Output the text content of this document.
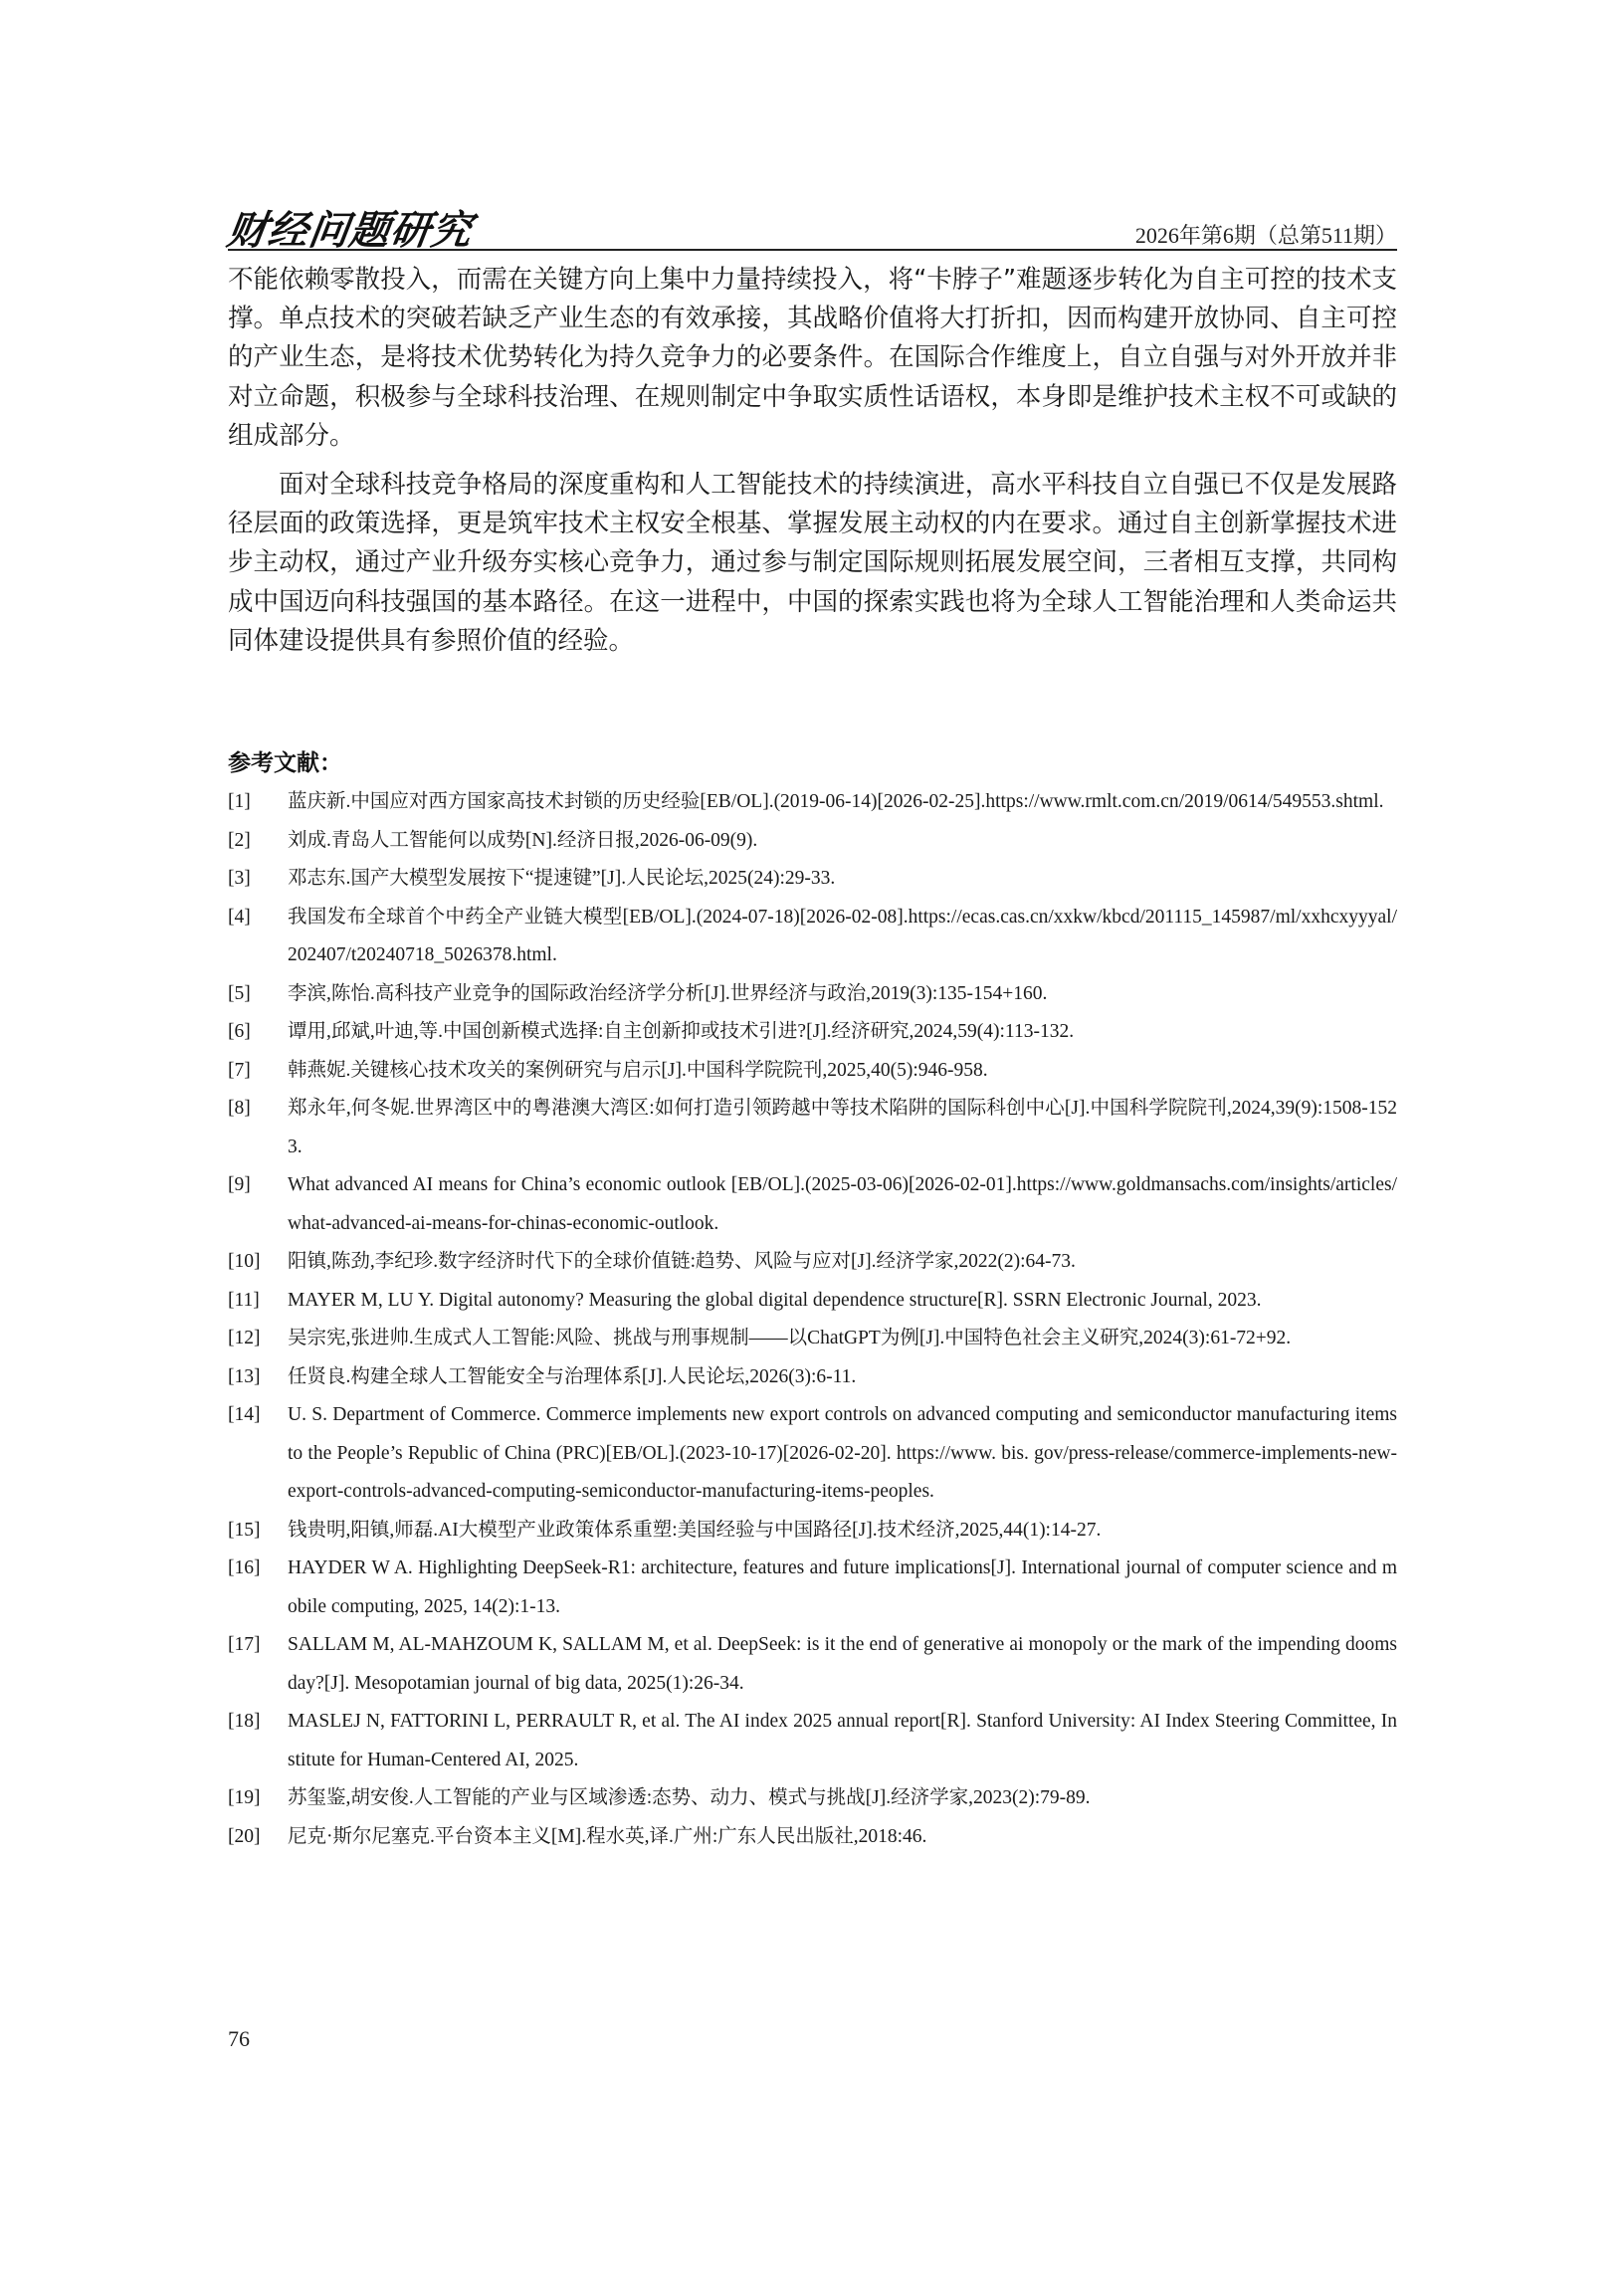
财经问题研究	2026年第6期（总第511期）

不能依赖零散投入，而需在关键方向上集中力量持续投入，将“卡脖子”难题逐步转化为自主可控的技术支撑。单点技术的突破若缺乏产业生态的有效承接，其战略价值将大打折扣，因而构建开放协同、自主可控的产业生态，是将技术优势转化为持久竞争力的必要条件。在国际合作维度上，自立自强与对外开放并非对立命题，积极参与全球科技治理、在规则制定中争取实质性话语权，本身即是维护技术主权不可或缺的组成部分。

面对全球科技竞争格局的深度重构和人工智能技术的持续演进，高水平科技自立自强已不仅是发展路径层面的政策选择，更是筑牢技术主权安全根基、掌握发展主动权的内在要求。通过自主创新掌握技术进步主动权，通过产业升级夯实核心竞争力，通过参与制定国际规则拓展发展空间，三者相互支撑，共同构成中国迈向科技强国的基本路径。在这一进程中，中国的探索实践也将为全球人工智能治理和人类命运共同体建设提供具有参照价值的经验。

参考文献：
[1]	蓝庆新.中国应对西方国家高技术封锁的历史经验[EB/OL].(2019-06-14)[2026-02-25].https://www.rmlt.com.cn/2019/0614/549553.shtml.
[2]	刘成.青岛人工智能何以成势[N].经济日报,2026-06-09(9).
[3]	邓志东.国产大模型发展按下“提速键”[J].人民论坛,2025(24):29-33.
[4]	我国发布全球首个中药全产业链大模型[EB/OL].(2024-07-18)[2026-02-08].https://ecas.cas.cn/xxkw/kbcd/201115_145987/ml/xxhcxyyyal/202407/t20240718_5026378.html.
[5]	李滨,陈怡.高科技产业竞争的国际政治经济学分析[J].世界经济与政治,2019(3):135-154+160.
[6]	谭用,邱斌,叶迪,等.中国创新模式选择:自主创新抑或技术引进?[J].经济研究,2024,59(4):113-132.
[7]	韩燕妮.关键核心技术攻关的案例研究与启示[J].中国科学院院刊,2025,40(5):946-958.
[8]	郑永年,何冬妮.世界湾区中的粤港澳大湾区:如何打造引领跨越中等技术陷阱的国际科创中心[J].中国科学院院刊,2024,39(9):1508-1523.
[9]	What advanced AI means for China’s economic outlook [EB/OL].(2025-03-06)[2026-02-01].https://www.goldmansachs.com/insights/articles/what-advanced-ai-means-for-chinas-economic-outlook.
[10]	阳镇,陈劲,李纪珍.数字经济时代下的全球价值链:趋势、风险与应对[J].经济学家,2022(2):64-73.
[11]	MAYER M, LU Y. Digital autonomy? Measuring the global digital dependence structure[R]. SSRN Electronic Journal, 2023.
[12]	吴宗宪,张进帅.生成式人工智能:风险、挑战与刑事规制——以ChatGPT为例[J].中国特色社会主义研究,2024(3):61-72+92.
[13]	任贤良.构建全球人工智能安全与治理体系[J].人民论坛,2026(3):6-11.
[14]	U. S. Department of Commerce. Commerce implements new export controls on advanced computing and semiconductor manufacturing items to the People’s Republic of China (PRC)[EB/OL].(2023-10-17)[2026-02-20]. https://www. bis. gov/press-release/commerce-implements-new-export-controls-advanced-computing-semiconductor-manufacturing-items-peoples.
[15]	钱贵明,阳镇,师磊.AI大模型产业政策体系重塑:美国经验与中国路径[J].技术经济,2025,44(1):14-27.
[16]	HAYDER W A. Highlighting DeepSeek-R1: architecture, features and future implications[J]. International journal of computer science and mobile computing, 2025, 14(2):1-13.
[17]	SALLAM M, AL-MAHZOUM K, SALLAM M, et al. DeepSeek: is it the end of generative ai monopoly or the mark of the impending doomsday?[J]. Mesopotamian journal of big data, 2025(1):26-34.
[18]	MASLEJ N, FATTORINI L, PERRAULT R, et al. The AI index 2025 annual report[R]. Stanford University: AI Index Steering Committee, Institute for Human-Centered AI, 2025.
[19]	苏玺鉴,胡安俊.人工智能的产业与区域渗透:态势、动力、模式与挑战[J].经济学家,2023(2):79-89.
[20]	尼克·斯尔尼塞克.平台资本主义[M].程水英,译.广州:广东人民出版社,2018:46.
76
